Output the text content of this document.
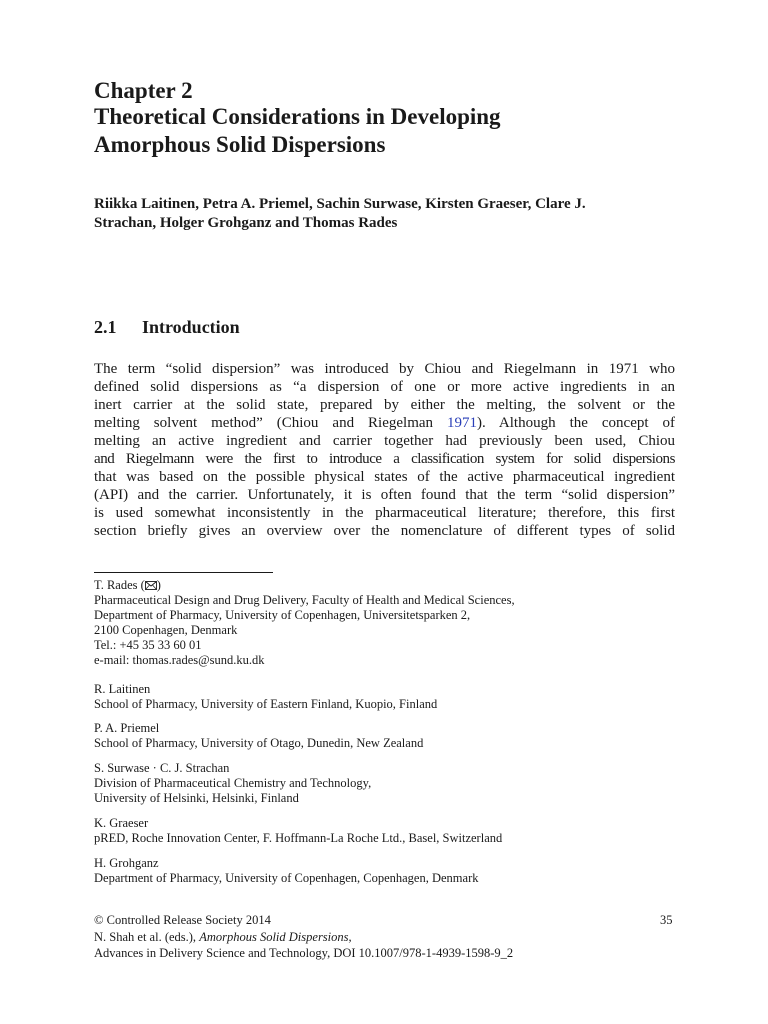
Chapter 2
Theoretical Considerations in Developing
Amorphous Solid Dispersions
Riikka Laitinen, Petra A. Priemel, Sachin Surwase, Kirsten Graeser, Clare J.
Strachan, Holger Grohganz and Thomas Rades
2.1 Introduction
The term “solid dispersion” was introduced by Chiou and Riegelmann in 1971 who
defined solid dispersions as “a dispersion of one or more active ingredients in an
inert carrier at the solid state, prepared by either the melting, the solvent or the
melting solvent method” (Chiou and Riegelman 1971). Although the concept of
melting an active ingredient and carrier together had previously been used, Chiou
and Riegelmann were the first to introduce a classification system for solid dispersions
that was based on the possible physical states of the active pharmaceutical ingredient
(API) and the carrier. Unfortunately, it is often found that the term “solid dispersion”
is used somewhat inconsistently in the pharmaceutical literature; therefore, this first
section briefly gives an overview over the nomenclature of different types of solid
T. Rades ( )
Pharmaceutical Design and Drug Delivery, Faculty of Health and Medical Sciences,
Department of Pharmacy, University of Copenhagen, Universitetsparken 2,
2100 Copenhagen, Denmark
Tel.: +45 35 33 60 01
e-mail: thomas.rades@sund.ku.dk
R. Laitinen
School of Pharmacy, University of Eastern Finland, Kuopio, Finland
P. A. Priemel
School of Pharmacy, University of Otago, Dunedin, New Zealand
S. Surwase · C. J. Strachan
Division of Pharmaceutical Chemistry and Technology,
University of Helsinki, Helsinki, Finland
K. Graeser
pRED, Roche Innovation Center, F. Hoffmann-La Roche Ltd., Basel, Switzerland
H. Grohganz
Department of Pharmacy, University of Copenhagen, Copenhagen, Denmark
© Controlled Release Society 2014	35
N. Shah et al. (eds.), Amorphous Solid Dispersions,
Advances in Delivery Science and Technology, DOI 10.1007/978-1-4939-1598-9_2
